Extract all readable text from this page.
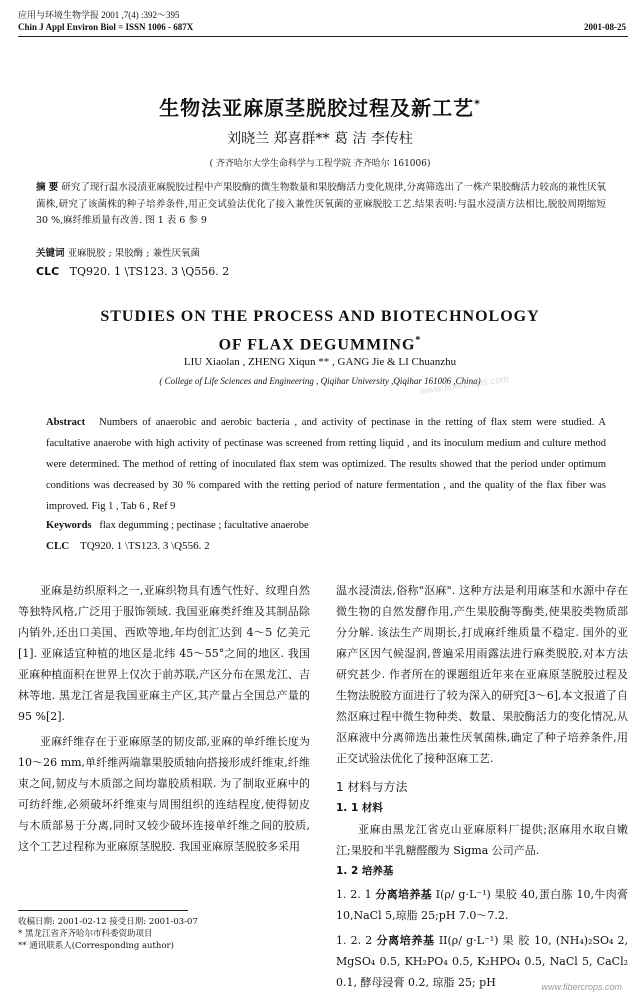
应用与环境生物学报 2001 ,7(4) :392～395
Chin J Appl Environ Biol = ISSN 1006 - 687X	2001-08-25
生物法亚麻原茎脱胶过程及新工艺*
刘晓兰 郑喜群** 葛 洁 李传柱
( 齐齐哈尔大学生命科学与工程学院 齐齐哈尔 161006)
摘 要 研究了现行温水浸渍亚麻脱胶过程中产果胶酶的微生物数量和果胶酶活力变化规律,分离筛选出了一株产果胶酶活力较高的兼性厌氧菌株,研究了该菌株的种子培养条件,用正交试验法优化了接入兼性厌氧菌的亚麻脱胶工艺.结果表明:与温水浸渍方法相比,脱胶周期缩短 30 %,麻纤维质量有改善. 图 1 表 6 参 9
关键词 亚麻脱胶 ; 果胶酶 ; 兼性厌氧菌
CLC TQ920. 1 \TS123. 3 \Q556. 2
STUDIES ON THE PROCESS AND BIOTECHNOLOGY
OF FLAX DEGUMMING*
LIU Xiaolan , ZHENG Xiqun ** , GANG Jie & LI Chuanzhu
( College of Life Sciences and Engineering , Qiqihar University ,Qiqihar 161006 ,China)
www.fibercrops.com
Abstract Numbers of anaerobic and aerobic bacteria , and activity of pectinase in the retting of flax stem were studied. A facultative anaerobe with high activity of pectinase was screened from retting liquid , and its inoculum medium and culture method were determined. The method of retting of inoculated flax stem was optimized. The results showed that the period under optimum conditions was decreased by 30 % compared with the retting period of nature fermentation , and the quality of the flax fiber was improved. Fig 1 , Tab 6 , Ref 9
Keywords flax degumming ; pectinase ; facultative anaerobe
CLC TQ920. 1 \TS123. 3 \Q556. 2

亚麻是纺织原料之一,亚麻织物具有透气性好、纹理自然等独特风格,广泛用于服饰领域. 我国亚麻类纤维及其制品除内销外,还出口美国、西欧等地,年均创汇达到 4～5 亿美元[1]. 亚麻适宜种植的地区是北纬 45～55°之间的地区. 我国亚麻种植面积在世界上仅次于前苏联,产区分布在黑龙江、吉林等地. 黑龙江省是我国亚麻主产区,其产量占全国总产量的 95 %[2].

亚麻纤维存在于亚麻原茎的韧皮部,亚麻的单纤维长度为 10～26 mm,单纤维两端靠果胶质轴向搭接形成纤维束,纤维束之间,韧皮与木质部之间均靠胶质相联. 为了制取亚麻中的可纺纤维,必须破坏纤维束与周围组织的连结程度,使得韧皮与木质部易于分离,同时又较少破坏连接单纤维之间的胶质,这个工艺过程称为亚麻原茎脱胶. 我国亚麻原茎脱胶多采用

温水浸渍法,俗称"沤麻". 这种方法是利用麻茎和水源中存在微生物的自然发酵作用,产生果胶酶等酶类,使果胶类物质部分分解. 该法生产周期长,打成麻纤维质量不稳定. 国外的亚麻产区因气候湿润,普遍采用雨露法进行麻类脱胶,对本方法研究甚少. 作者所在的课题组近年来在亚麻原茎脱胶过程及生物法脱胶方面进行了较为深入的研究[3～6],本文报道了自然沤麻过程中微生物种类、数量、果胶酶活力的变化情况,从沤麻液中分离筛选出兼性厌氧菌株,确定了种子培养条件,用正交试验法优化了接种沤麻工艺.

1 材料与方法
1. 1 材料

亚麻由黑龙江省克山亚麻原料厂提供;沤麻用水取自嫩江;果胶和半乳糖醛酸为 Sigma 公司产品.

1. 2 培养基
1. 2. 1 分离培养基 I(ρ/ g·L⁻¹) 果胶 40,蛋白胨 10,牛肉膏 10,NaCl 5,琼脂 25;pH 7.0～7.2.
1. 2. 2 分离培养基 II(ρ/ g·L⁻¹) 果 胶 10, (NH₄)₂SO₄ 2, MgSO₄ 0.5, KH₂PO₄ 0.5, K₂HPO₄ 0.5, NaCl 5, CaCl₂ 0.1, 酵母浸膏 0.2, 琼脂 25; pH
收稿日期: 2001-02-12 接受日期: 2001-03-07
* 黑龙江省齐齐哈尔市科委资助项目
** 通讯联系人(Corresponding author)
www.fibercrops.com
